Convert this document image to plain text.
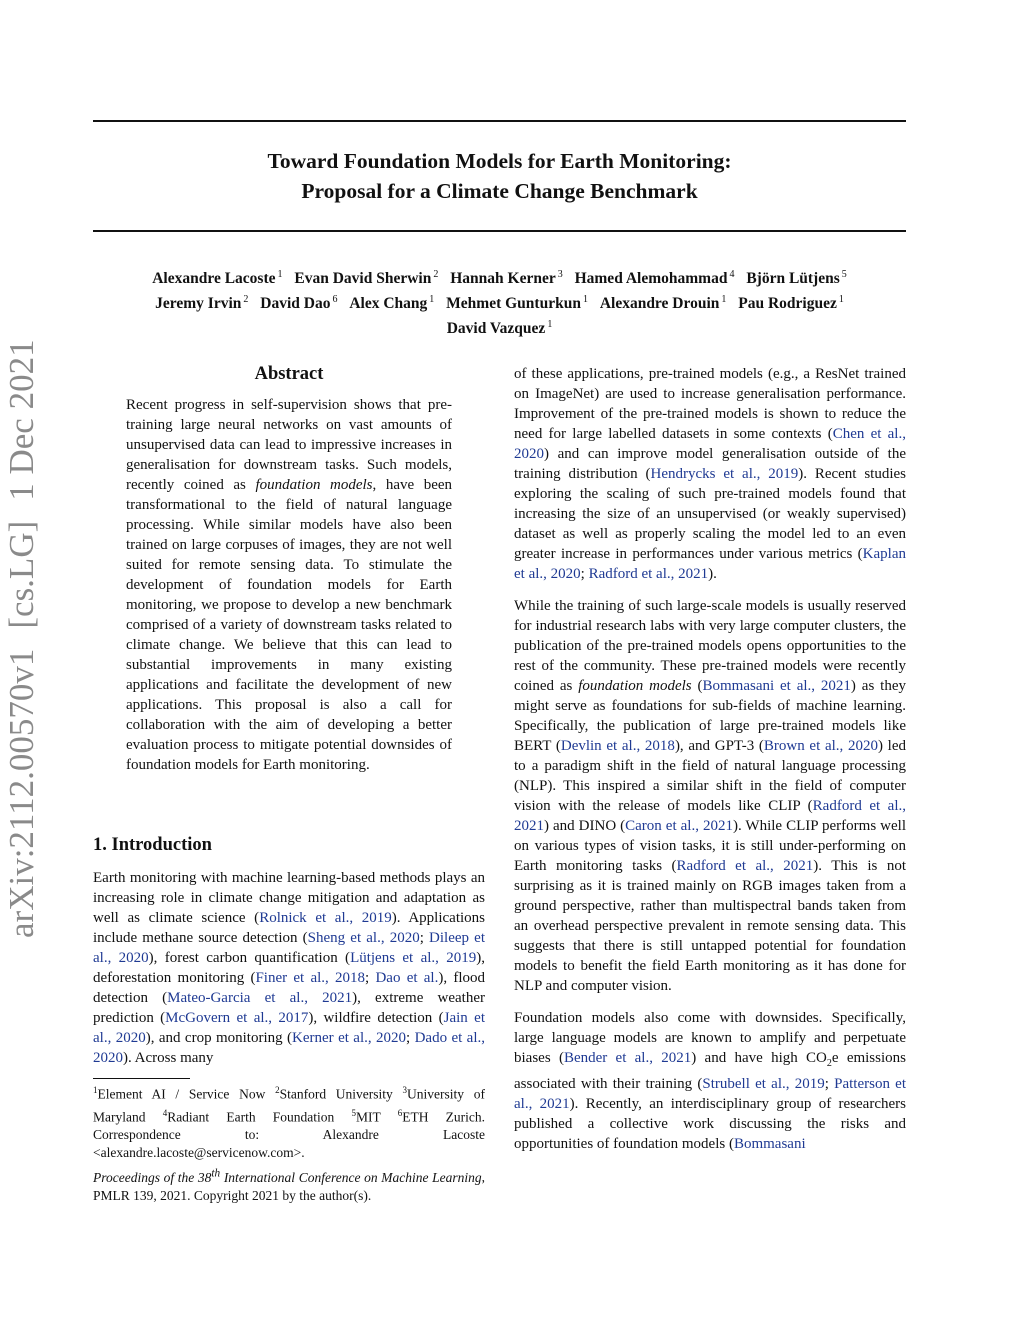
Toward Foundation Models for Earth Monitoring:
Proposal for a Climate Change Benchmark
Alexandre Lacoste $^1$ Evan David Sherwin $^2$ Hannah Kerner $^3$ Hamed Alemohammad $^4$ Björn Lütjens $^5$
Jeremy Irvin $^2$ David Dao $^6$ Alex Chang $^1$ Mehmet Gunturkun $^1$ Alexandre Drouin $^1$ Pau Rodriguez $^1$
David Vazquez $^1$
arXiv:2112.00570v1[cs.LG]1 Dec 2021	Abstract
Recent progress in self-supervision shows that pre-training large neural networks on vast amounts of unsupervised data can lead to impressive increases in generalisation for downstream tasks. Such models, recently coined as foundation models, have been transformational to the field of natural language processing. While similar models have also been trained on large corpuses of images, they are not well suited for remote sensing data. To stimulate the development of foundation models for Earth monitoring, we propose to develop a new benchmark comprised of a variety of downstream tasks related to climate change. We believe that this can lead to substantial improvements in many existing applications and facilitate the development of new applications. This proposal is also a call for collaboration with the aim of developing a better evaluation process to mitigate potential downsides of foundation models for Earth monitoring.
1. Introduction
Earth monitoring with machine learning-based methods plays an increasing role in climate change mitigation and adaptation as well as climate science (Rolnick et al., 2019). Applications include methane source detection (Sheng et al., 2020; Dileep et al., 2020), forest carbon quantification (Lütjens et al., 2019), deforestation monitoring (Finer et al., 2018; Dao et al.), flood detection (Mateo-Garcia et al., 2021), extreme weather prediction (McGovern et al., 2017), wildfire detection (Jain et al., 2020), and crop monitoring (Kerner et al., 2020; Dado et al., 2020). Across many
$^1$Element AI / Service Now $^2$Stanford University $^3$University of Maryland $^4$Radiant Earth Foundation $^5$MIT $^6$ETH Zurich. Correspondence to: Alexandre Lacoste <alexandre.lacoste@servicenow.com>.
Proceedings of the 38th International Conference on Machine Learning, PMLR 139, 2021. Copyright 2021 by the author(s).

of these applications, pre-trained models (e.g., a ResNet trained on ImageNet) are used to increase generalisation performance. Improvement of the pre-trained models is shown to reduce the need for large labelled datasets in some contexts (Chen et al., 2020) and can improve model generalisation outside of the training distribution (Hendrycks et al., 2019). Recent studies exploring the scaling of such pre-trained models found that increasing the size of an unsupervised (or weakly supervised) dataset as well as properly scaling the model led to an even greater increase in performances under various metrics (Kaplan et al., 2020; Radford et al., 2021).

While the training of such large-scale models is usually reserved for industrial research labs with very large computer clusters, the publication of the pre-trained models opens opportunities to the rest of the community. These pre-trained models were recently coined as foundation models (Bommasani et al., 2021) as they might serve as foundations for sub-fields of machine learning. Specifically, the publication of large pre-trained models like BERT (Devlin et al., 2018), and GPT-3 (Brown et al., 2020) led to a paradigm shift in the field of natural language processing (NLP). This inspired a similar shift in the field of computer vision with the release of models like CLIP (Radford et al., 2021) and DINO (Caron et al., 2021). While CLIP performs well on various types of vision tasks, it is still under-performing on Earth monitoring tasks (Radford et al., 2021). This is not surprising as it is trained mainly on RGB images taken from a ground perspective, rather than multispectral bands taken from an overhead perspective prevalent in remote sensing data. This suggests that there is still untapped potential for foundation models to benefit the field Earth monitoring as it has done for NLP and computer vision.

Foundation models also come with downsides. Specifically, large language models are known to amplify and perpetuate biases (Bender et al., 2021) and have high $CO_2e$ emissions associated with their training (Strubell et al., 2019; Patterson et al., 2021). Recently, an interdisciplinary group of researchers published a collective work discussing the risks and opportunities of foundation models (Bommasani
